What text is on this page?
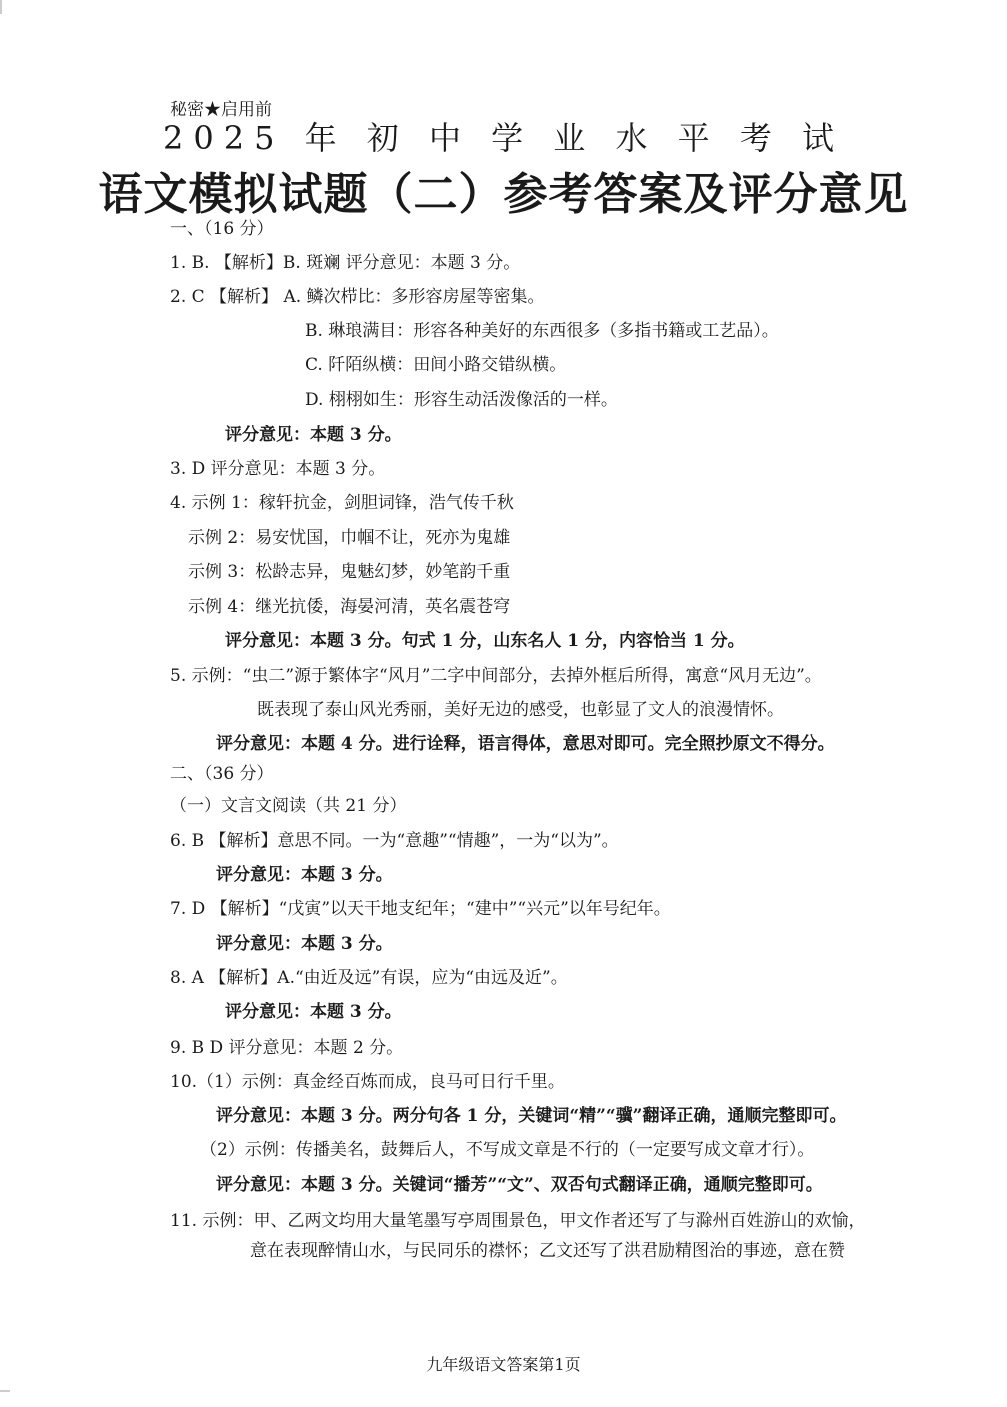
秘密★启用前
2025 年 初 中 学 业 水 平 考 试
语文模拟试题（二）参考答案及评分意见
一、（16 分）
1. B. 【解析】B. 斑斓 评分意见：本题 3 分。
2. C 【解析】 A. 鳞次栉比：多形容房屋等密集。
B. 琳琅满目：形容各种美好的东西很多（多指书籍或工艺品）。
C. 阡陌纵横：田间小路交错纵横。
D. 栩栩如生：形容生动活泼像活的一样。
评分意见：本题 3 分。
3. D 评分意见：本题 3 分。
4. 示例 1：稼轩抗金，剑胆词锋，浩气传千秋
示例 2：易安忧国，巾帼不让，死亦为鬼雄
示例 3：松龄志异，鬼魅幻梦，妙笔韵千重
示例 4：继光抗倭，海晏河清，英名震苍穹
评分意见：本题 3 分。句式 1 分，山东名人 1 分，内容恰当 1 分。
5. 示例：“虫二”源于繁体字“风月”二字中间部分，去掉外框后所得，寓意“风月无边”。
既表现了泰山风光秀丽，美好无边的感受，也彰显了文人的浪漫情怀。
评分意见：本题 4 分。进行诠释，语言得体，意思对即可。完全照抄原文不得分。
二、（36 分）
（一）文言文阅读（共 21 分）
6. B 【解析】意思不同。一为“意趣”“情趣”，一为“以为”。
评分意见：本题 3 分。
7. D 【解析】“戊寅”以天干地支纪年；“建中”“兴元”以年号纪年。
评分意见：本题 3 分。
8. A 【解析】A.“由近及远”有误，应为“由远及近”。
评分意见：本题 3 分。
9. B D 评分意见：本题 2 分。
10.（1）示例：真金经百炼而成，良马可日行千里。
评分意见：本题 3 分。两分句各 1 分，关键词“精”“骥”翻译正确，通顺完整即可。
（2）示例：传播美名，鼓舞后人，不写成文章是不行的（一定要写成文章才行）。
评分意见：本题 3 分。关键词“播芳”“文”、双否句式翻译正确，通顺完整即可。
11. 示例：甲、乙两文均用大量笔墨写亭周围景色，甲文作者还写了与滁州百姓游山的欢愉，
意在表现醉情山水，与民同乐的襟怀；乙文还写了洪君励精图治的事迹，意在赞
九年级语文答案第1页
